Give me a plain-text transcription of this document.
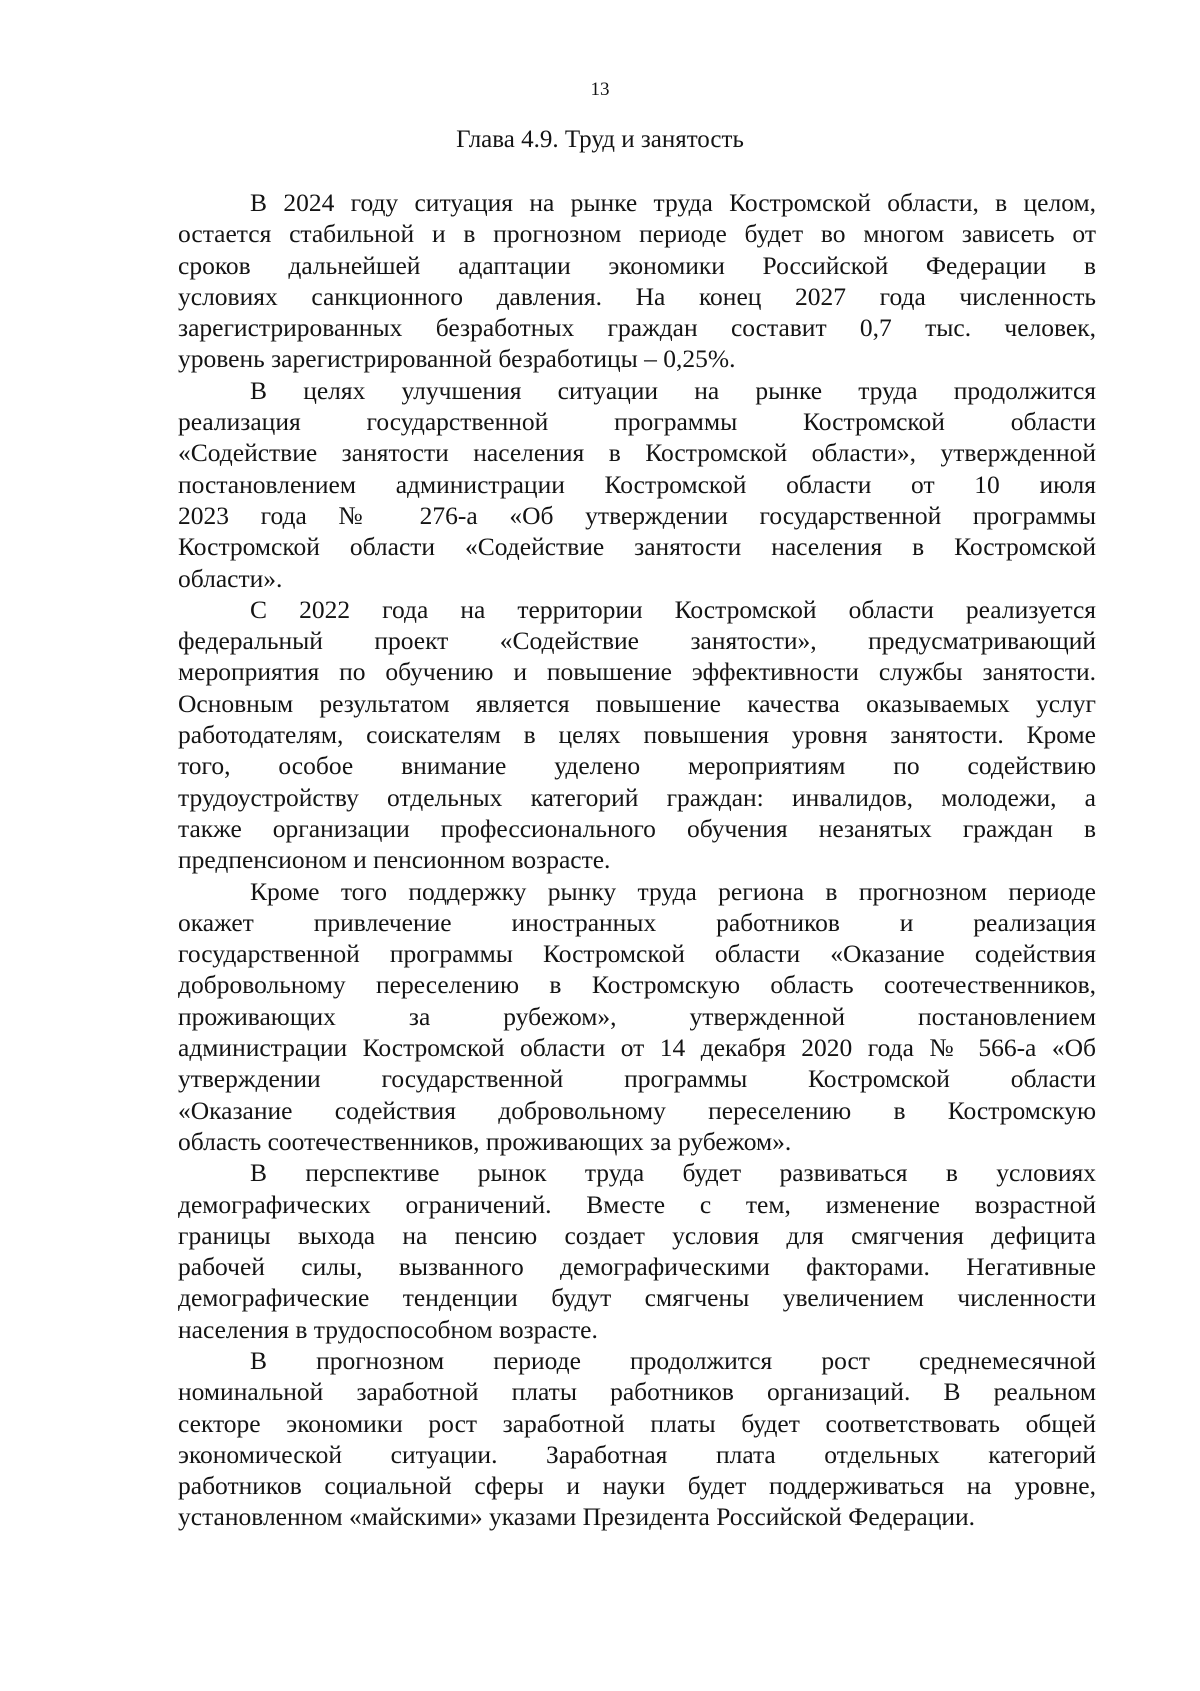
13
Глава 4.9. Труд и занятость
В 2024 году ситуация на рынке труда Костромской области, в целом,
остается стабильной и в прогнозном периоде будет во многом зависеть от
сроков дальнейшей адаптации экономики Российской Федерации в
условиях санкционного давления. На конец 2027 года численность
зарегистрированных безработных граждан составит 0,7 тыс. человек,
уровень зарегистрированной безработицы – 0,25%.
В целях улучшения ситуации на рынке труда продолжится
реализация государственной программы Костромской области
«Содействие занятости населения в Костромской области», утвержденной
постановлением администрации Костромской области от 10 июля
2023 года № 276-а «Об утверждении государственной программы
Костромской области «Содействие занятости населения в Костромской
области».
С 2022 года на территории Костромской области реализуется
федеральный проект «Содействие занятости», предусматривающий
мероприятия по обучению и повышение эффективности службы занятости.
Основным результатом является повышение качества оказываемых услуг
работодателям, соискателям в целях повышения уровня занятости. Кроме
того, особое внимание уделено мероприятиям по содействию
трудоустройству отдельных категорий граждан: инвалидов, молодежи, а
также организации профессионального обучения незанятых граждан в
предпенсионом и пенсионном возрасте.
Кроме того поддержку рынку труда региона в прогнозном периоде
окажет привлечение иностранных работников и реализация
государственной программы Костромской области «Оказание содействия
добровольному переселению в Костромскую область соотечественников,
проживающих за рубежом», утвержденной постановлением
администрации Костромской области от 14 декабря 2020 года № 566-а «Об
утверждении государственной программы Костромской области
«Оказание содействия добровольному переселению в Костромскую
область соотечественников, проживающих за рубежом».
В перспективе рынок труда будет развиваться в условиях
демографических ограничений. Вместе с тем, изменение возрастной
границы выхода на пенсию создает условия для смягчения дефицита
рабочей силы, вызванного демографическими факторами. Негативные
демографические тенденции будут смягчены увеличением численности
населения в трудоспособном возрасте.
В прогнозном периоде продолжится рост среднемесячной
номинальной заработной платы работников организаций. В реальном
секторе экономики рост заработной платы будет соответствовать общей
экономической ситуации. Заработная плата отдельных категорий
работников социальной сферы и науки будет поддерживаться на уровне,
установленном «майскими» указами Президента Российской Федерации.
